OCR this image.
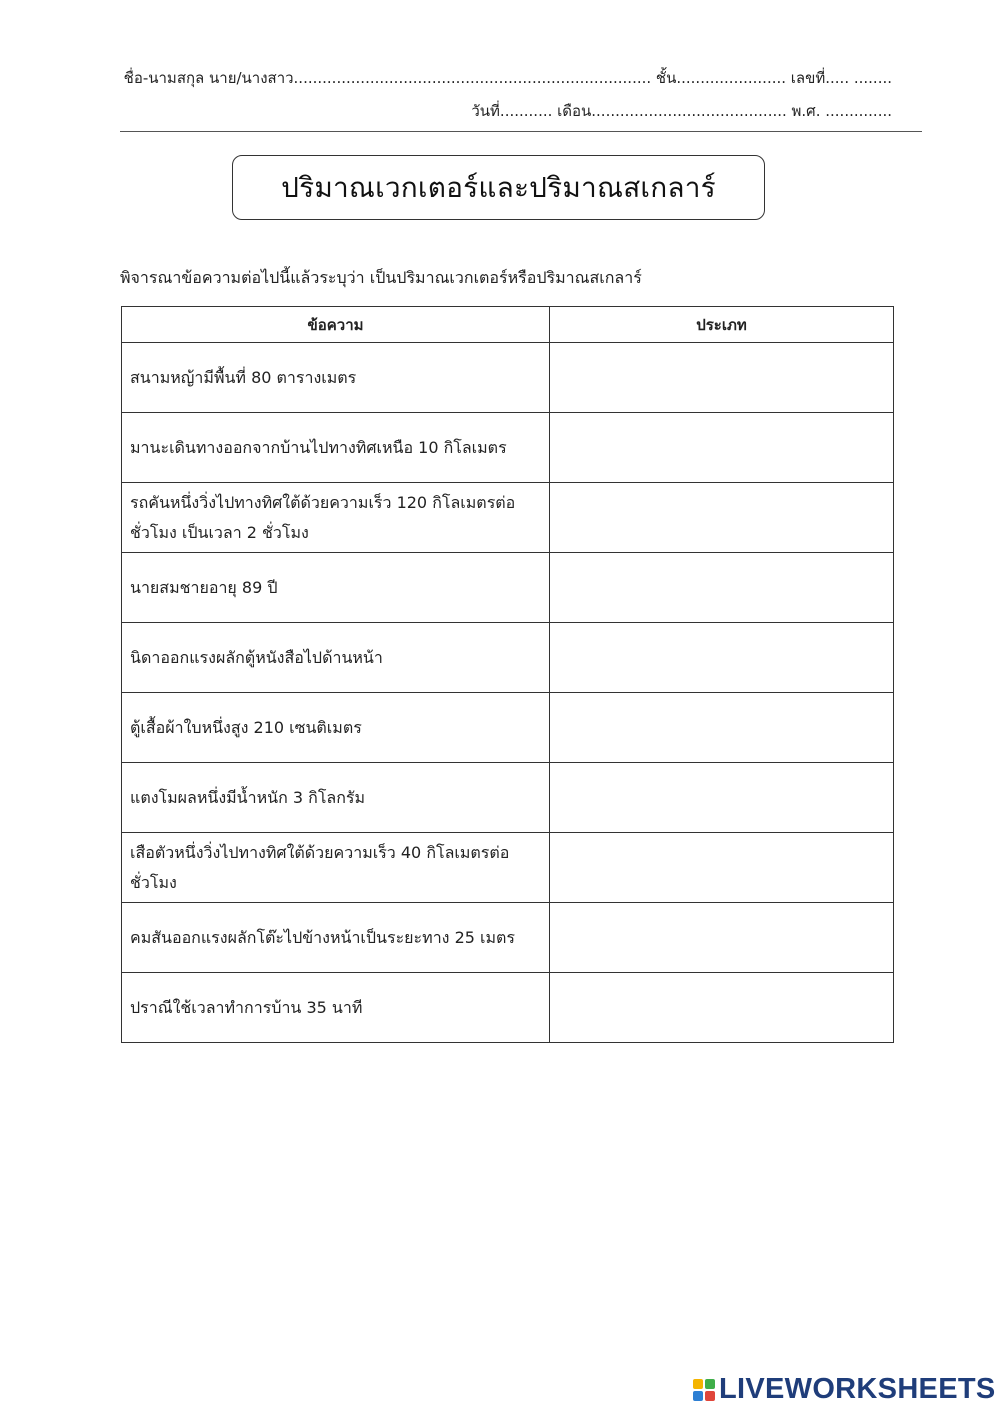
ชื่อ-นามสกุล นาย/นางสาว........................................................................... ชั้น....................... เลขที่..... ........
วันที่........... เดือน......................................... พ.ศ. ..............
ปริมาณเวกเตอร์และปริมาณสเกลาร์
พิจารณาข้อความต่อไปนี้แล้วระบุว่า เป็นปริมาณเวกเตอร์หรือปริมาณสเกลาร์
ข้อความ	ประเภท
สนามหญ้ามีพื้นที่ 80 ตารางเมตร	
มานะเดินทางออกจากบ้านไปทางทิศเหนือ 10 กิโลเมตร	
รถคันหนึ่งวิ่งไปทางทิศใต้ด้วยความเร็ว 120 กิโลเมตรต่อชั่วโมง เป็นเวลา 2 ชั่วโมง	
นายสมชายอายุ 89 ปี	
นิดาออกแรงผลักตู้หนังสือไปด้านหน้า	
ตู้เสื้อผ้าใบหนึ่งสูง 210 เซนติเมตร	
แตงโมผลหนึ่งมีน้ำหนัก 3 กิโลกรัม	
เสือตัวหนึ่งวิ่งไปทางทิศใต้ด้วยความเร็ว 40 กิโลเมตรต่อชั่วโมง	
คมสันออกแรงผลักโต๊ะไปข้างหน้าเป็นระยะทาง 25 เมตร	
ปราณีใช้เวลาทำการบ้าน 35 นาที	
LIVEWORKSHEETS
